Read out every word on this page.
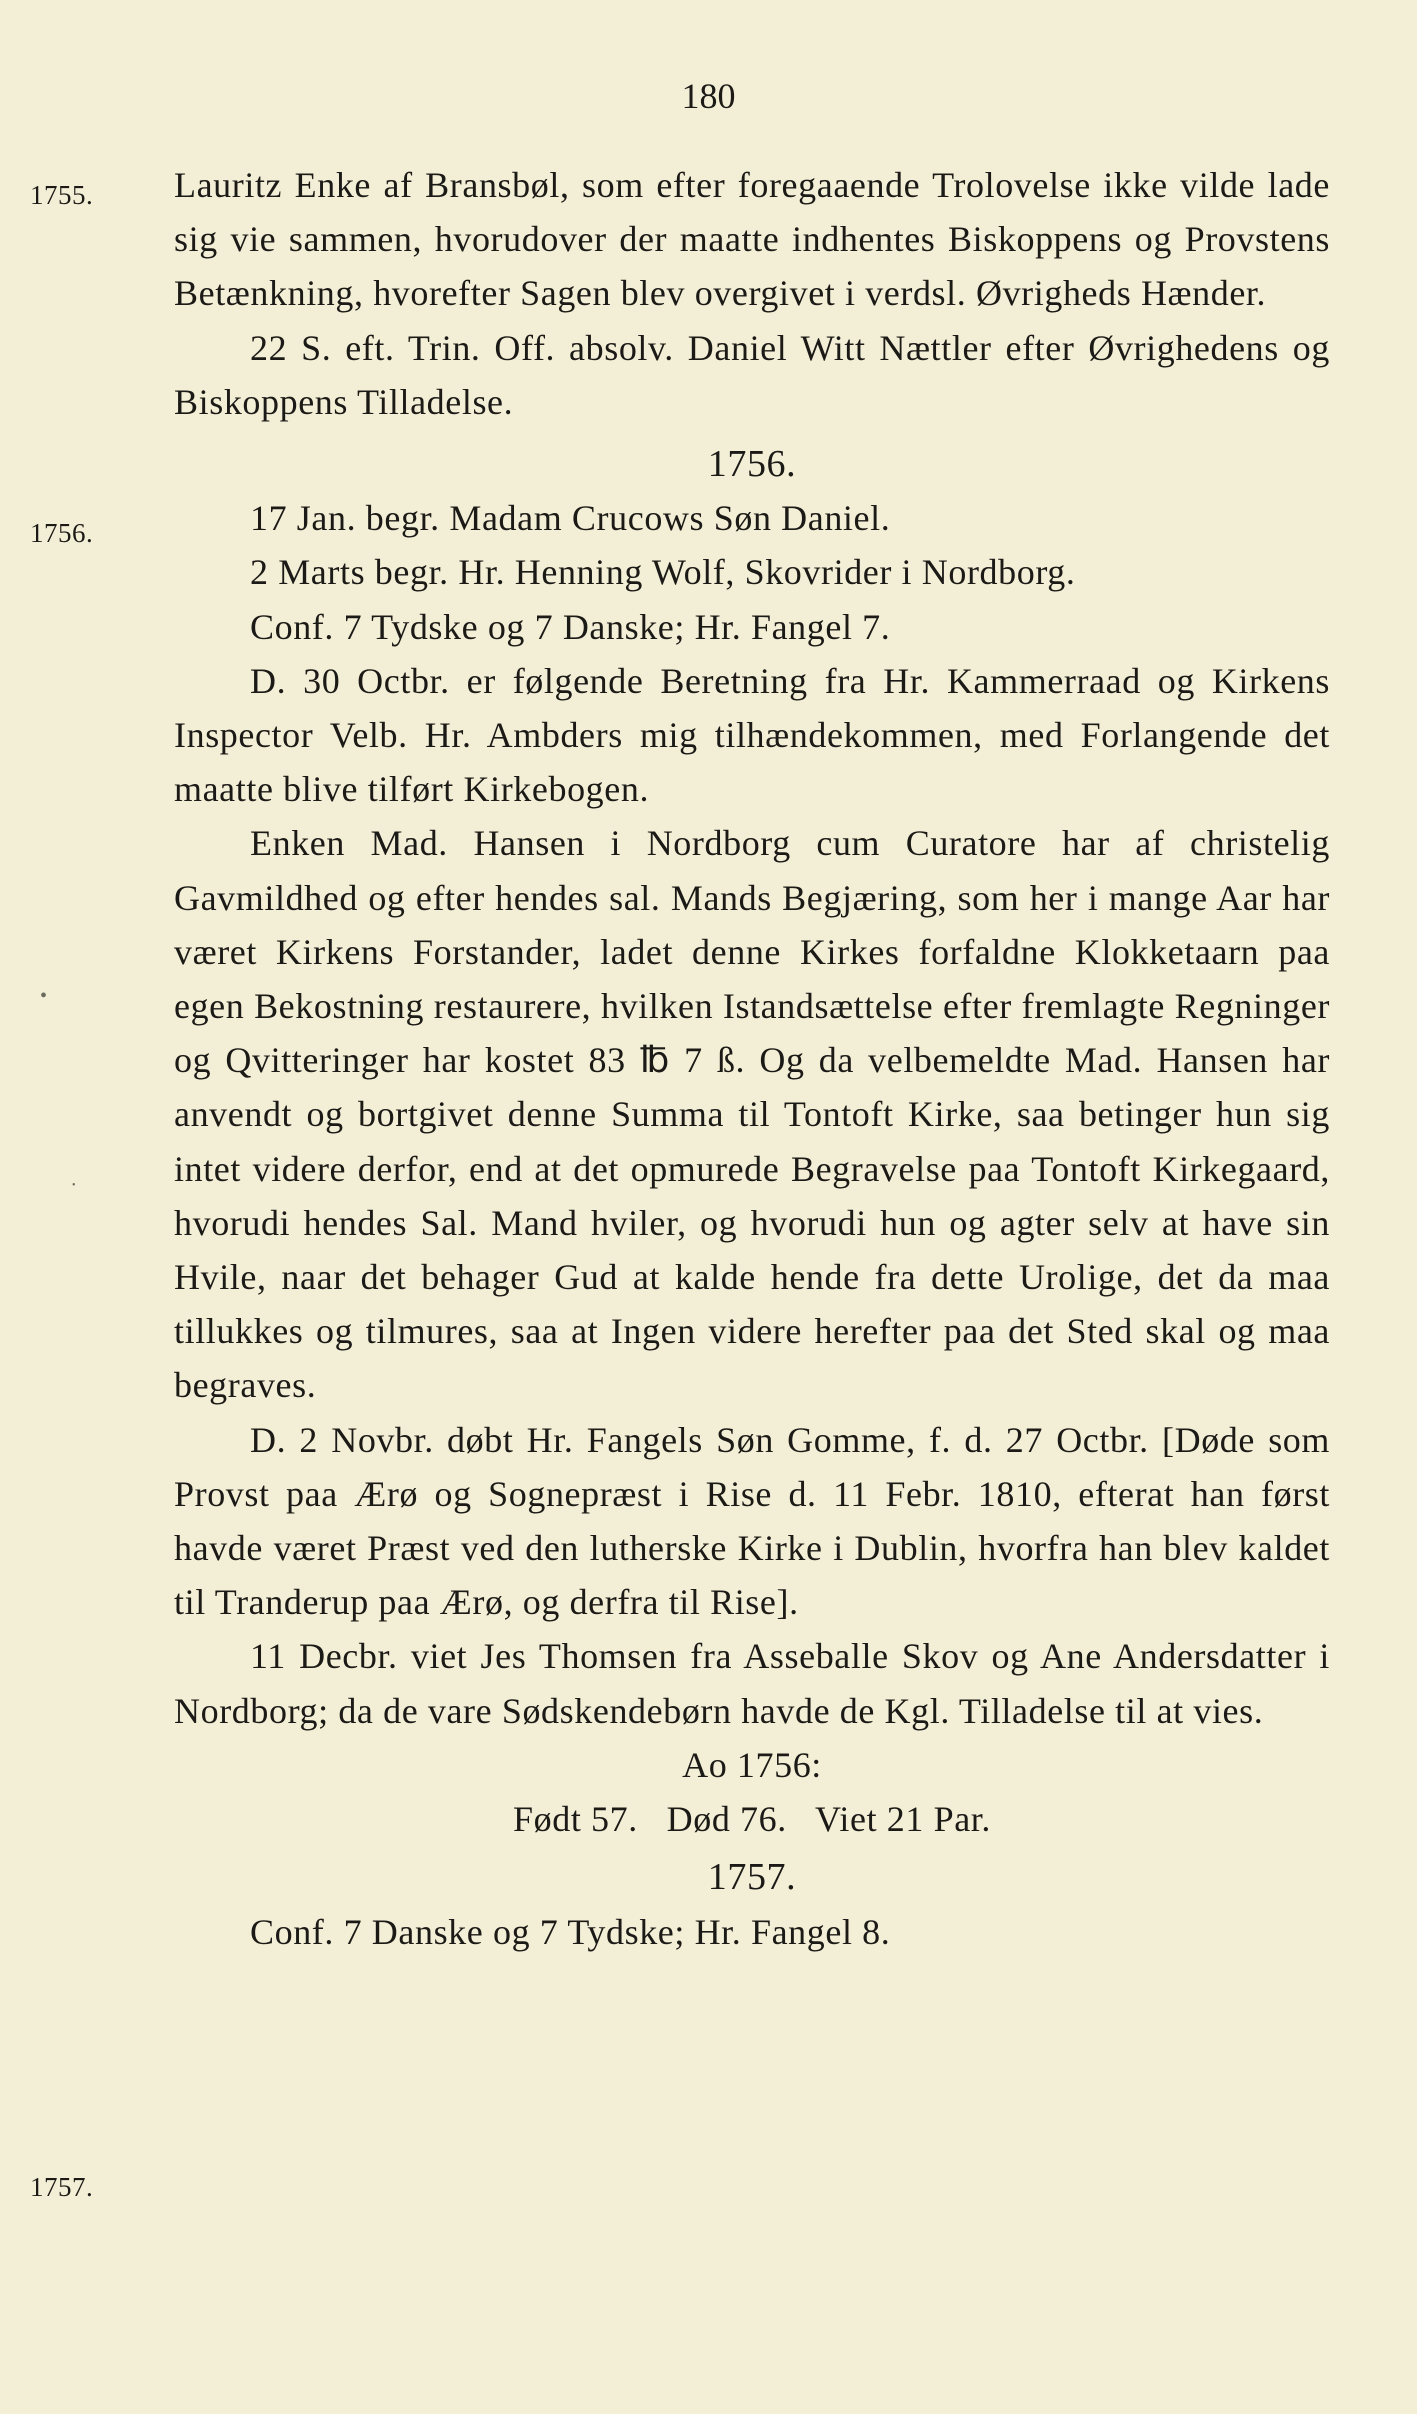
180
1755.
1756.
1757.
•
•

Lauritz Enke af Bransbøl, som efter foregaaende Trolovelse ikke vilde lade sig vie sammen, hvorudover der maatte indhentes Biskoppens og Provstens Betænkning, hvorefter Sagen blev overgivet i verdsl. Øvrigheds Hænder.

22 S. eft. Trin. Off. absolv. Daniel Witt Nættler efter Øvrighedens og Biskoppens Tilladelse.

1756.

17 Jan. begr. Madam Crucows Søn Daniel.

2 Marts begr. Hr. Henning Wolf, Skovrider i Nordborg.

Conf. 7 Tydske og 7 Danske; Hr. Fangel 7.

D. 30 Octbr. er følgende Beretning fra Hr. Kammerraad og Kirkens Inspector Velb. Hr. Ambders mig tilhændekommen, med Forlangende det maatte blive tilført Kirkebogen.

Enken Mad. Hansen i Nordborg cum Curatore har af christelig Gavmildhed og efter hendes sal. Mands Begjæring, som her i mange Aar har været Kirkens Forstander, ladet denne Kirkes forfaldne Klokketaarn paa egen Bekostning restaurere, hvilken Istandsættelse efter fremlagte Regninger og Qvitteringer har kostet 83 ℔ 7 ß. Og da velbemeldte Mad. Hansen har anvendt og bortgivet denne Summa til Tontoft Kirke, saa betinger hun sig intet videre derfor, end at det opmurede Begravelse paa Tontoft Kirkegaard, hvorudi hendes Sal. Mand hviler, og hvorudi hun og agter selv at have sin Hvile, naar det behager Gud at kalde hende fra dette Urolige, det da maa tillukkes og tilmures, saa at Ingen videre herefter paa det Sted skal og maa begraves.

D. 2 Novbr. døbt Hr. Fangels Søn Gomme, f. d. 27 Octbr. [Døde som Provst paa Ærø og Sognepræst i Rise d. 11 Febr. 1810, efterat han først havde været Præst ved den lutherske Kirke i Dublin, hvorfra han blev kaldet til Tranderup paa Ærø, og derfra til Rise].

11 Decbr. viet Jes Thomsen fra Asseballe Skov og Ane Andersdatter i Nordborg; da de vare Sødskendebørn havde de Kgl. Tilladelse til at vies.

Ao 1756:

Født 57.   Død 76.   Viet 21 Par.

1757.

Conf. 7 Danske og 7 Tydske; Hr. Fangel 8.
